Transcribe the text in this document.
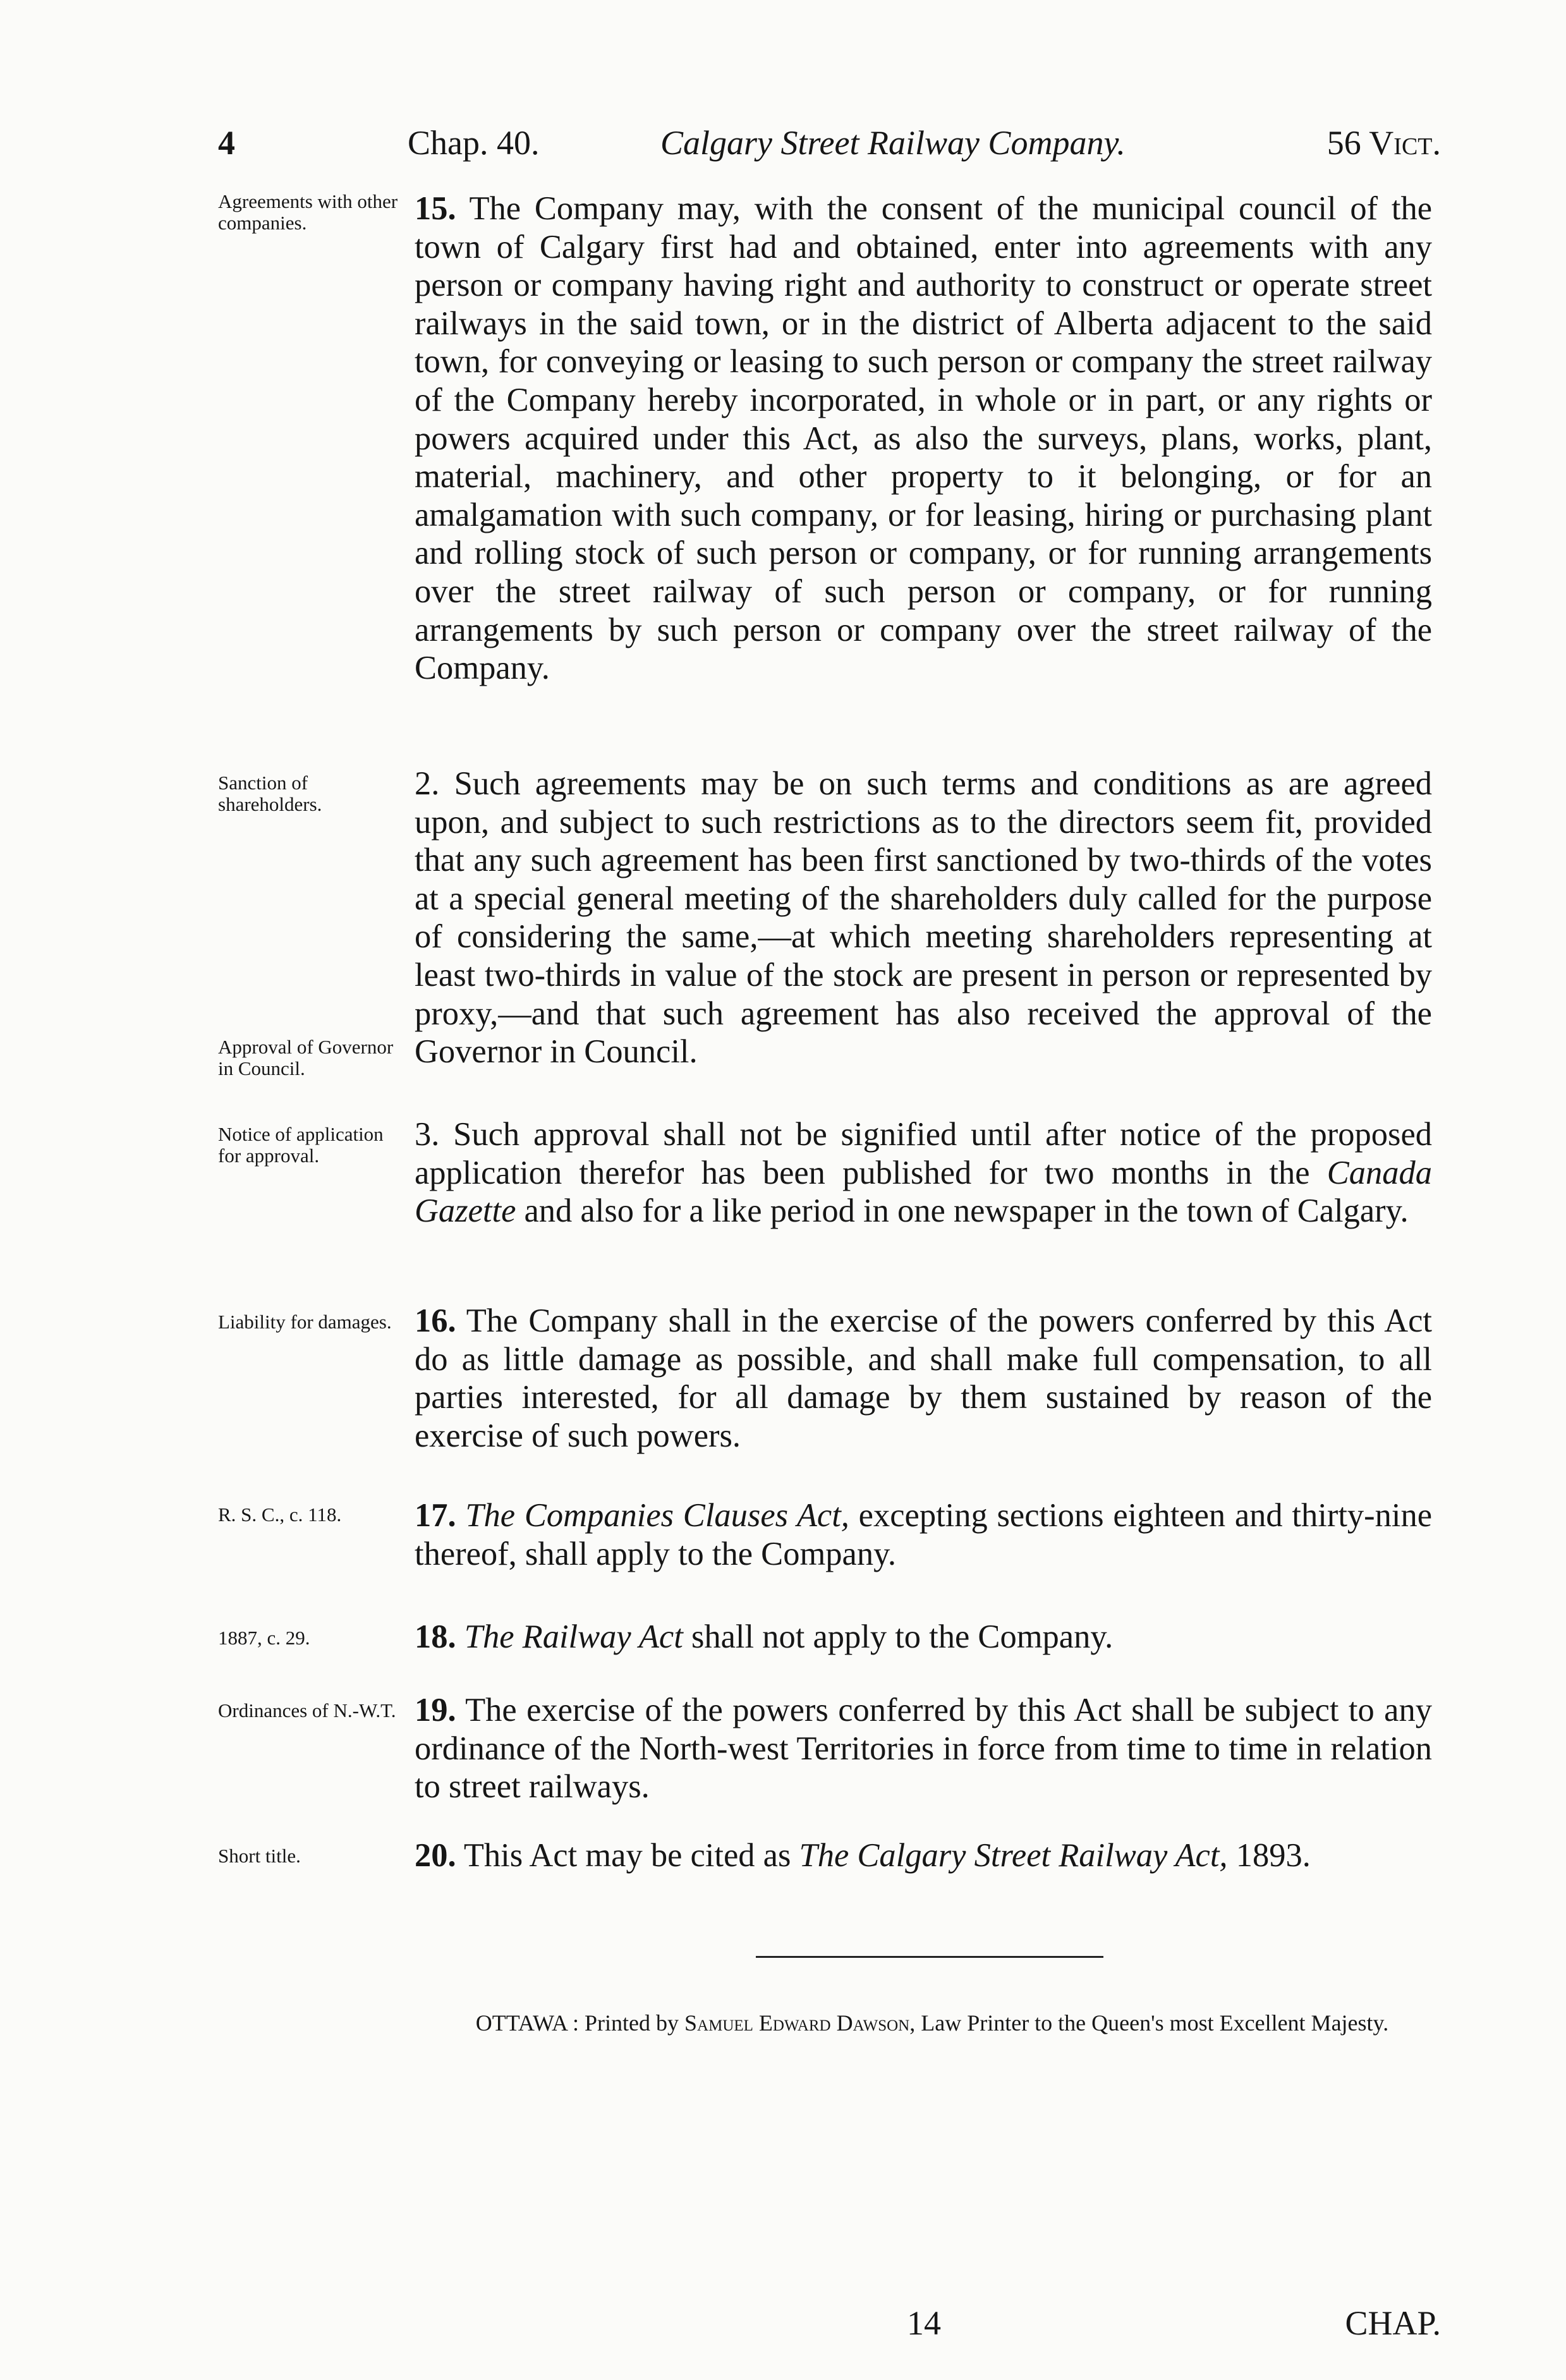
4	Chap. 40.	Calgary Street Railway Company.	56 Vict.
Agreements with other companies.
Sanction of shareholders.
Approval of Governor in Council.
Notice of application for approval.
Liability for damages.
R. S. C., c. 118.
1887, c. 29.
Ordinances of N.-W.T.
Short title.
15. The Company may, with the consent of the municipal council of the town of Calgary first had and obtained, enter into agreements with any person or company having right and authority to construct or operate street railways in the said town, or in the district of Alberta adjacent to the said town, for conveying or leasing to such person or company the street railway of the Company hereby incorporated, in whole or in part, or any rights or powers acquired under this Act, as also the surveys, plans, works, plant, material, machinery, and other property to it belonging, or for an amalgamation with such company, or for leasing, hiring or purchasing plant and rolling stock of such person or company, or for running arrangements over the street railway of such person or company, or for running arrangements by such person or company over the street railway of the Company.
2. Such agreements may be on such terms and conditions as are agreed upon, and subject to such restrictions as to the directors seem fit, provided that any such agreement has been first sanctioned by two-thirds of the votes at a special general meeting of the shareholders duly called for the purpose of considering the same,—at which meeting shareholders representing at least two-thirds in value of the stock are present in person or represented by proxy,—and that such agreement has also received the approval of the Governor in Council.
3. Such approval shall not be signified until after notice of the proposed application therefor has been published for two months in the Canada Gazette and also for a like period in one newspaper in the town of Calgary.
16. The Company shall in the exercise of the powers conferred by this Act do as little damage as possible, and shall make full compensation, to all parties interested, for all damage by them sustained by reason of the exercise of such powers.
17. The Companies Clauses Act, excepting sections eighteen and thirty-nine thereof, shall apply to the Company.
18. The Railway Act shall not apply to the Company.
19. The exercise of the powers conferred by this Act shall be subject to any ordinance of the North-west Territories in force from time to time in relation to street railways.
20. This Act may be cited as The Calgary Street Railway Act, 1893.
OTTAWA : Printed by Samuel Edward Dawson, Law Printer to the Queen's most Excellent Majesty.
14	CHAP.
